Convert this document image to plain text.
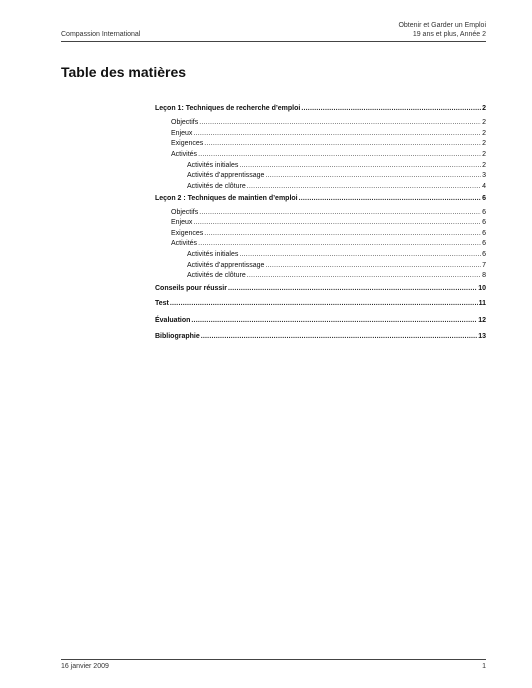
Compassion International
Obtenir et Garder un Emploi
19 ans et plus, Année 2
Table des matières
Leçon 1: Techniques de recherche d’emploi .....	2
Objectifs .....	2
Enjeux .....	2
Exigences .....	2
Activités .....	2
Activités initiales .....	2
Activités d’apprentissage .....	3
Activités de clôture .....	4
Leçon 2 : Techniques de maintien d’emploi .....	6
Objectifs .....	6
Enjeux .....	6
Exigences .....	6
Activités .....	6
Activités initiales .....	6
Activités d’apprentissage .....	7
Activités de clôture .....	8
Conseils pour réussir .....	10
Test .....	11
Évaluation .....	12
Bibliographie .....	13
16 janvier 2009	1
